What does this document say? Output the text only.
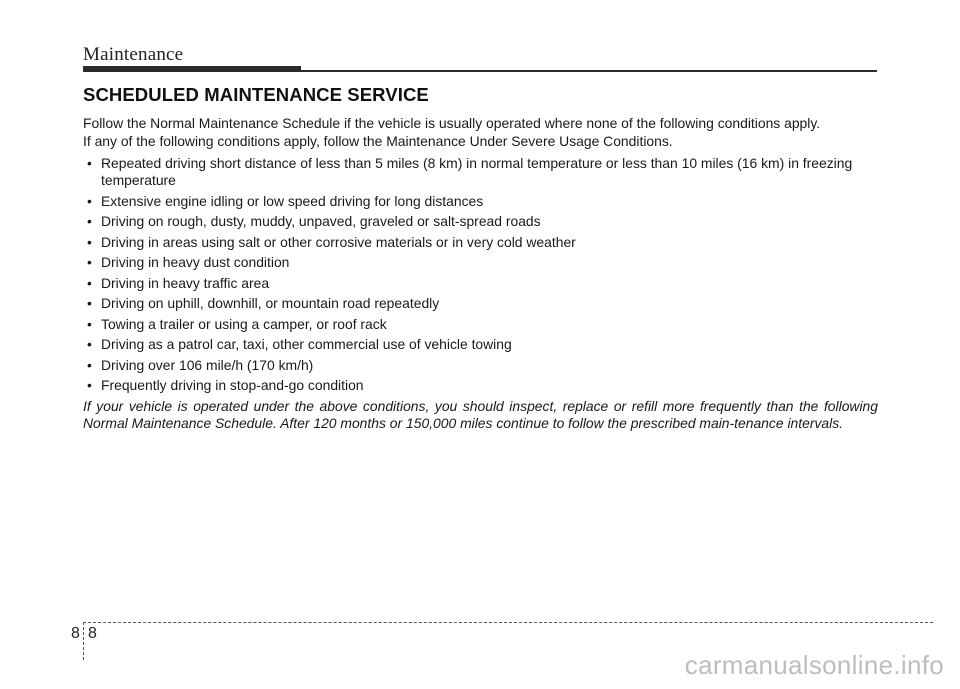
Maintenance
SCHEDULED MAINTENANCE SERVICE

Follow the Normal Maintenance Schedule if the vehicle is usually operated where none of the following conditions apply.
If any of the following conditions apply, follow the Maintenance Under Severe Usage Conditions.

• Repeated driving short distance of less than 5 miles (8 km) in normal temperature or less than 10 miles (16 km) in freezing temperature
• Extensive engine idling or low speed driving for long distances
• Driving on rough, dusty, muddy, unpaved, graveled or salt-spread roads
• Driving in areas using salt or other corrosive materials or in very cold weather
• Driving in heavy dust condition
• Driving in heavy traffic area
• Driving on uphill, downhill, or mountain road repeatedly
• Towing a trailer or using a camper, or roof rack
• Driving as a patrol car, taxi, other commercial use of vehicle towing
• Driving over 106 mile/h (170 km/h)
• Frequently driving in stop-and-go condition

If your vehicle is operated under the above conditions, you should inspect, replace or refill more frequently than the following Normal Maintenance Schedule. After 120 months or 150,000 miles continue to follow the prescribed main-tenance intervals.

8 8
carmanualsonline.info
